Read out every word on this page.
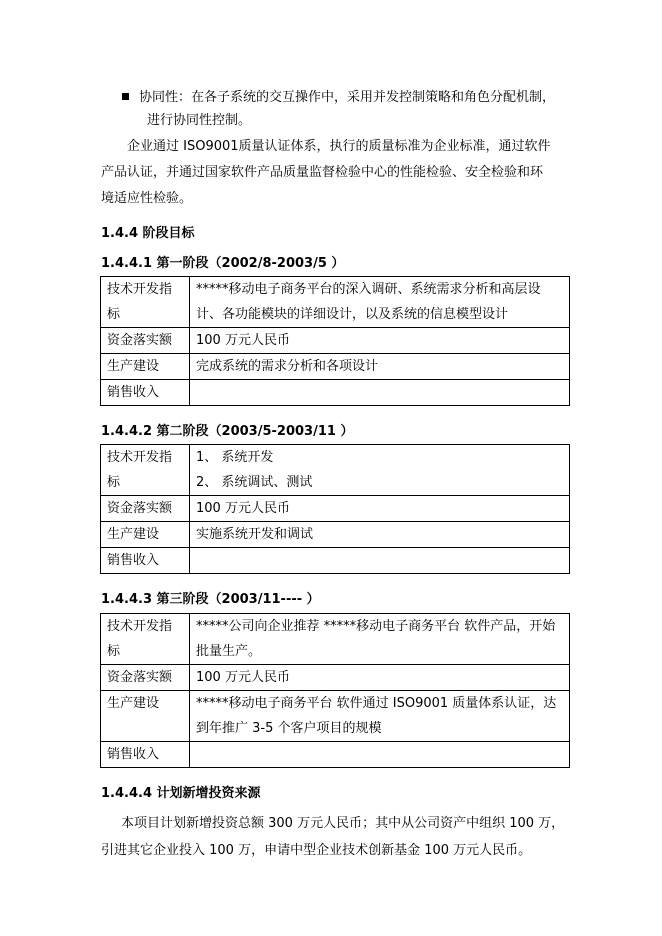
协同性：在各子系统的交互操作中，采用并发控制策略和角色分配机制，
进行协同性控制。

企业通过 ISO9001质量认证体系，执行的质量标准为企业标准，通过软件

产品认证，并通过国家软件产品质量监督检验中心的性能检验、安全检验和环

境适应性检验。

1.4.4 阶段目标
1.4.4.1 第一阶段（2002/8-2003/5 ）
技术开发指标	*****移动电子商务平台的深入调研、系统需求分析和高层设计、各功能模块的详细设计，以及系统的信息模型设计
资金落实额	100 万元人民币
生产建设	完成系统的需求分析和各项设计
销售收入	
1.4.4.2 第二阶段（2003/5-2003/11 ）
技术开发指标	1、 系统开发
2、 系统调试、测试

资金落实额	100 万元人民币
生产建设	实施系统开发和调试
销售收入	
1.4.4.3 第三阶段（2003/11---- ）
技术开发指标	*****公司向企业推荐 *****移动电子商务平台 软件产品，开始批量生产。
资金落实额	100 万元人民币
生产建设	*****移动电子商务平台 软件通过 ISO9001 质量体系认证，达到年推广 3-5 个客户项目的规模
销售收入	
1.4.4.4 计划新增投资来源

本项目计划新增投资总额 300 万元人民币；其中从公司资产中组织 100 万，

引进其它企业投入 100 万，申请中型企业技术创新基金 100 万元人民币。
